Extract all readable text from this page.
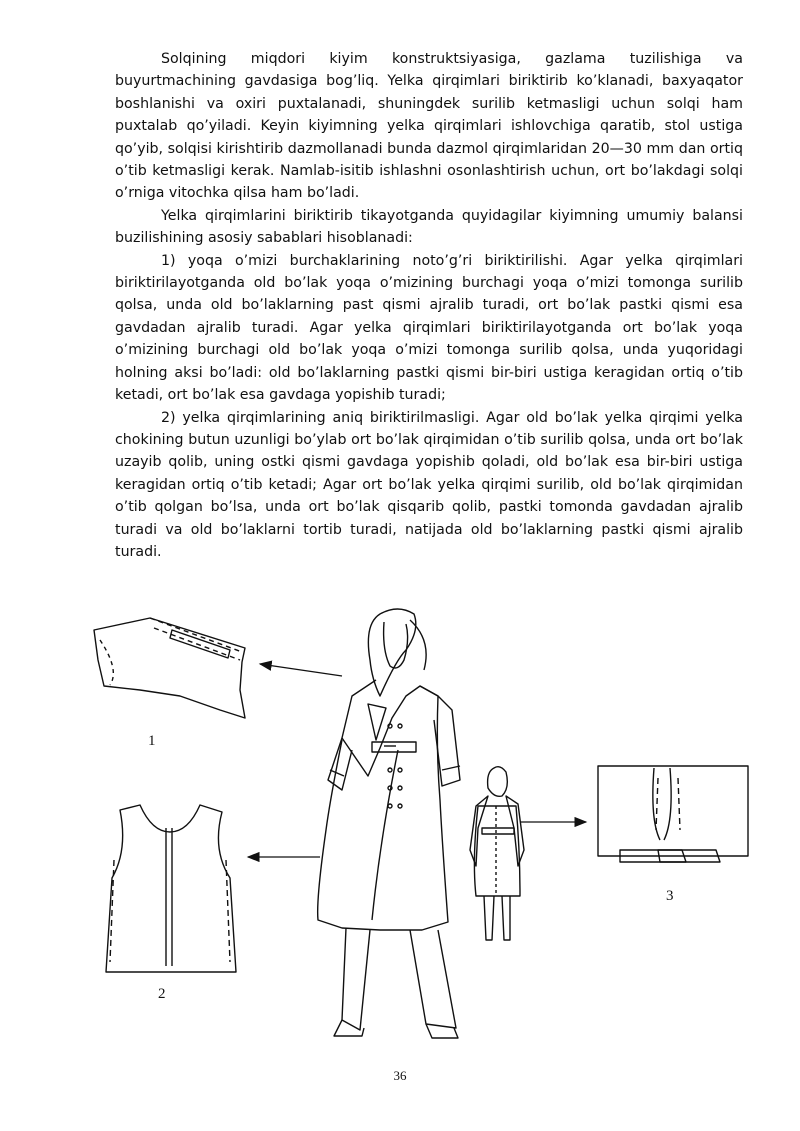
Solqining miqdori kiyim konstruktsiyasiga, gazlama tuzilishiga va buyurtmachining gavdasiga bog’liq. Yelka qirqimlari biriktirib ko’klanadi, baxyaqator boshlanishi va oxiri puxtalanadi, shuningdek surilib ketmasligi uchun solqi ham puxtalab qo’yiladi. Keyin kiyimning yelka qirqimlari ishlovchiga qaratib, stol ustiga qo’yib, solqisi kirishtirib dazmollanadi bunda dazmol qirqimlaridan 20—30 mm dan ortiq o’tib ketmasligi kerak. Namlab-isitib ishlashni osonlashtirish uchun, ort bo’lakdagi solqi o’rniga vitochka qilsa ham bo’ladi.

Yelka qirqimlarini biriktirib tikayotganda quyidagilar kiyimning umumiy balansi buzilishining asosiy sabablari hisoblanadi:

1) yoqa o’mizi burchaklarining noto’g’ri biriktirilishi. Agar yelka qirqimlari biriktirilayotganda old bo’lak yoqa o’mizining burchagi yoqa o’mizi tomonga surilib qolsa, unda old bo’laklarning past qismi ajralib turadi, ort bo’lak pastki qismi esa gavdadan ajralib turadi. Agar yelka qirqimlari biriktirilayotganda ort bo’lak yoqa o’mizining burchagi old bo’lak yoqa o’mizi tomonga surilib qolsa, unda yuqoridagi holning aksi bo’ladi: old bo’laklarning pastki qismi bir-biri ustiga keragidan ortiq o’tib ketadi, ort bo’lak esa gavdaga yopishib turadi;

2) yelka qirqimlarining aniq biriktirilmasligi. Agar old bo’lak yelka qirqimi yelka chokining butun uzunligi bo’ylab ort bo’lak qirqimidan o’tib surilib qolsa, unda ort bo’lak uzayib qolib, uning ostki qismi gavdaga yopishib qoladi, old bo’lak esa bir-biri ustiga keragidan ortiq o’tib ketadi; Agar ort bo’lak yelka qirqimi surilib, old bo’lak qirqimidan o’tib qolgan bo’lsa, unda ort bo’lak qisqarib qolib, pastki tomonda gavdadan ajralib turadi va old bo’laklarni tortib turadi, natijada old bo’laklarning pastki qismi ajralib turadi.

1
2
3
36
